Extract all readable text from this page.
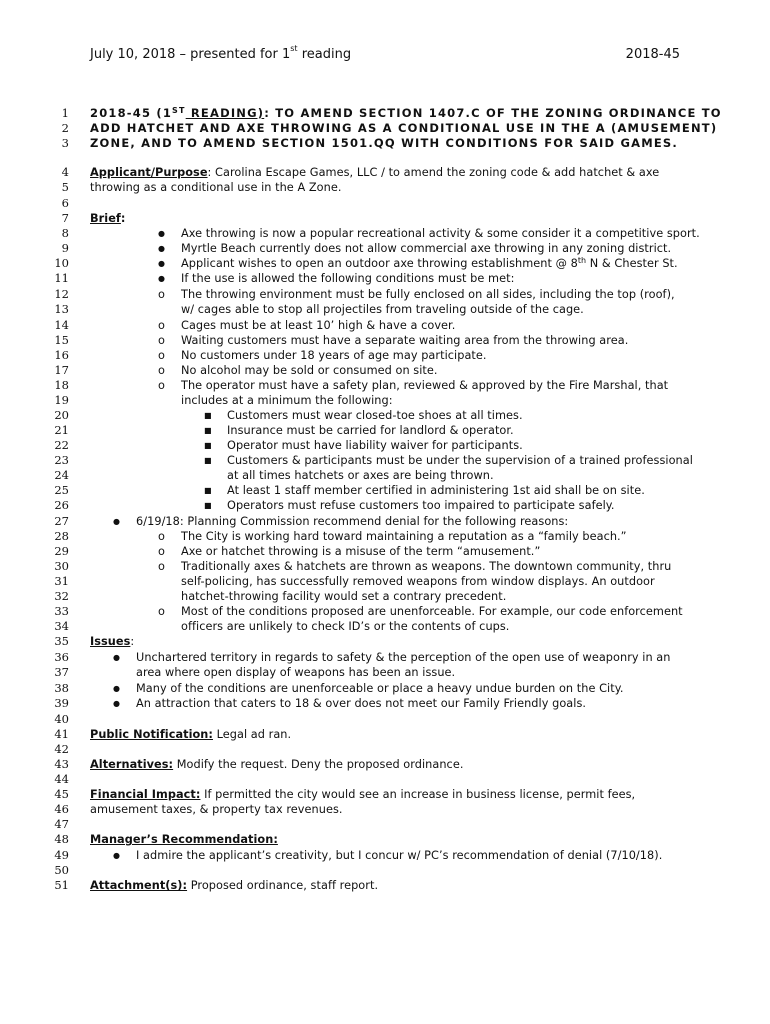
July 10, 2018 – presented for 1st reading	2018-45
1
2
3
4
5
6
7
8
9
10
11
12
13
14
15
16
17
18
19
20
21
22
23
24
25
26
27
28
29
30
31
32
33
34
35
36
37
38
39
40
41
42
43
44
45
46
47
48
49
50
51
2018-45 (1ST READING): TO AMEND SECTION 1407.C OF THE ZONING ORDINANCE TO
ADD HATCHET AND AXE THROWING AS A CONDITIONAL USE IN THE A (AMUSEMENT)
ZONE, AND TO AMEND SECTION 1501.QQ WITH CONDITIONS FOR SAID GAMES.
Applicant/Purpose: Carolina Escape Games, LLC / to amend the zoning code & add hatchet & axe
throwing as a conditional use in the A Zone.
Brief:
● Axe throwing is now a popular recreational activity & some consider it a competitive sport.
● Myrtle Beach currently does not allow commercial axe throwing in any zoning district.
● Applicant wishes to open an outdoor axe throwing establishment @ 8th N & Chester St.
● If the use is allowed the following conditions must be met:
o The throwing environment must be fully enclosed on all sides, including the top (roof),
w/ cages able to stop all projectiles from traveling outside of the cage.
o Cages must be at least 10’ high & have a cover.
o Waiting customers must have a separate waiting area from the throwing area.
o No customers under 18 years of age may participate.
o No alcohol may be sold or consumed on site.
o The operator must have a safety plan, reviewed & approved by the Fire Marshal, that
includes at a minimum the following:
■ Customers must wear closed-toe shoes at all times.
■ Insurance must be carried for landlord & operator.
■ Operator must have liability waiver for participants.
■ Customers & participants must be under the supervision of a trained professional
at all times hatchets or axes are being thrown.
■ At least 1 staff member certified in administering 1st aid shall be on site.
■ Operators must refuse customers too impaired to participate safely.
● 6/19/18: Planning Commission recommend denial for the following reasons:
o The City is working hard toward maintaining a reputation as a “family beach.”
o Axe or hatchet throwing is a misuse of the term “amusement.”
o Traditionally axes & hatchets are thrown as weapons. The downtown community, thru
self-policing, has successfully removed weapons from window displays. An outdoor
hatchet-throwing facility would set a contrary precedent.
o Most of the conditions proposed are unenforceable. For example, our code enforcement
officers are unlikely to check ID’s or the contents of cups.
Issues:
● Unchartered territory in regards to safety & the perception of the open use of weaponry in an
area where open display of weapons has been an issue.
● Many of the conditions are unenforceable or place a heavy undue burden on the City.
● An attraction that caters to 18 & over does not meet our Family Friendly goals.
Public Notification: Legal ad ran.
Alternatives: Modify the request. Deny the proposed ordinance.
Financial Impact: If permitted the city would see an increase in business license, permit fees,
amusement taxes, & property tax revenues.
Manager’s Recommendation:
● I admire the applicant’s creativity, but I concur w/ PC’s recommendation of denial (7/10/18).
Attachment(s): Proposed ordinance, staff report.
